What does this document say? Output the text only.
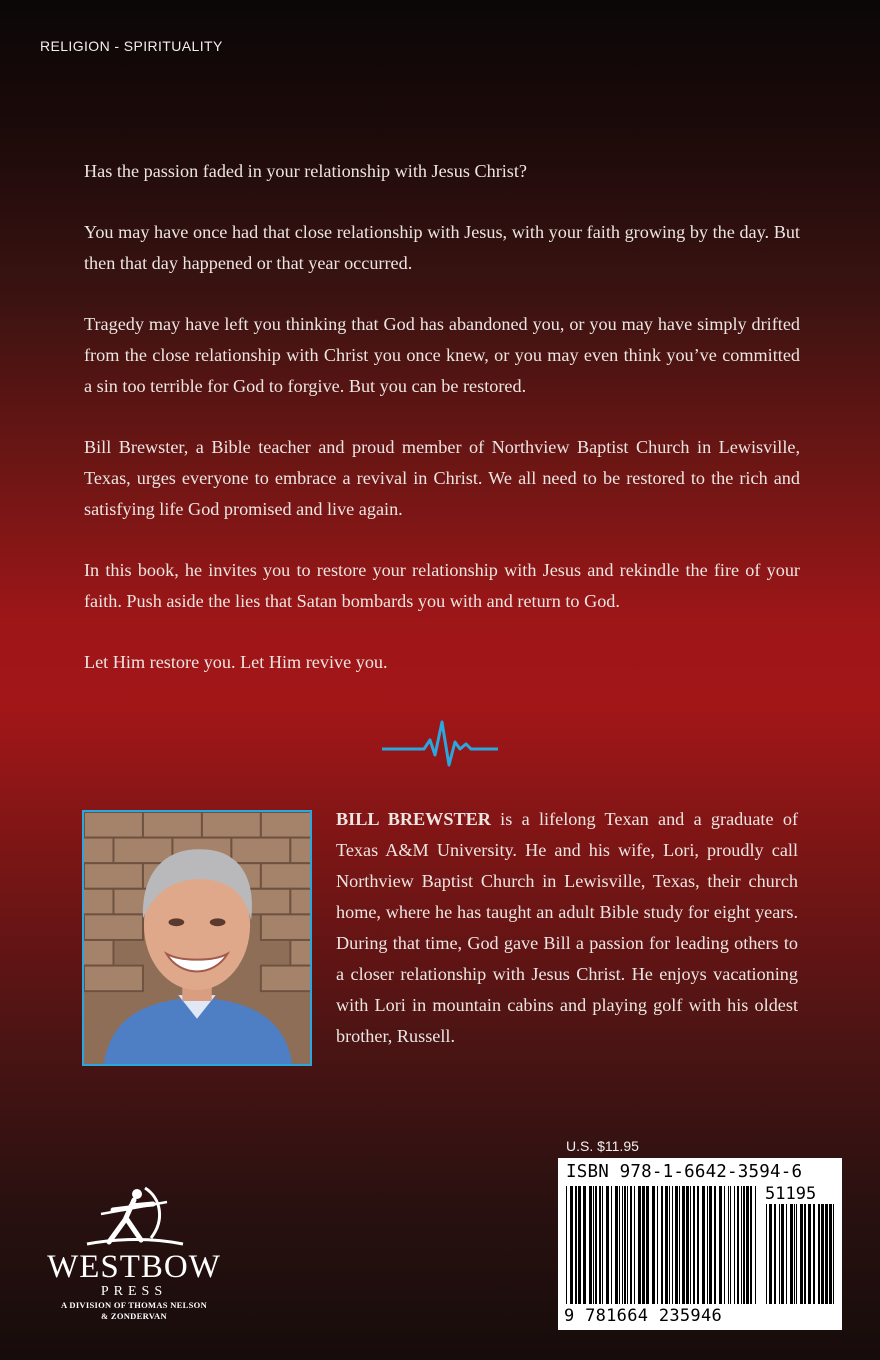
RELIGION - SPIRITUALITY

Has the passion faded in your relationship with Jesus Christ?

You may have once had that close relationship with Jesus, with your faith growing by the day. But then that day happened or that year occurred.

Tragedy may have left you thinking that God has abandoned you, or you may have simply drifted from the close relationship with Christ you once knew, or you may even think you’ve committed a sin too terrible for God to forgive. But you can be restored.

Bill Brewster, a Bible teacher and proud member of Northview Baptist Church in Lewisville, Texas, urges everyone to embrace a revival in Christ. We all need to be restored to the rich and satisfying life God promised and live again.

In this book, he invites you to restore your relationship with Jesus and rekindle the fire of your faith. Push aside the lies that Satan bombards you with and return to God.

Let Him restore you. Let Him revive you.

BILL BREWSTER is a lifelong Texan and a graduate of Texas A&M University. He and his wife, Lori, proudly call Northview Baptist Church in Lewisville, Texas, their church home, where he has taught an adult Bible study for eight years. During that time, God gave Bill a passion for leading others to a closer relationship with Jesus Christ. He enjoys vacationing with Lori in mountain cabins and playing golf with his oldest brother, Russell.

U.S. $11.95
ISBN 978-1-6642-3594-6
51195
9 781664 235946
WESTBOW
PRESS
A DIVISION OF THOMAS NELSON
& ZONDERVAN
